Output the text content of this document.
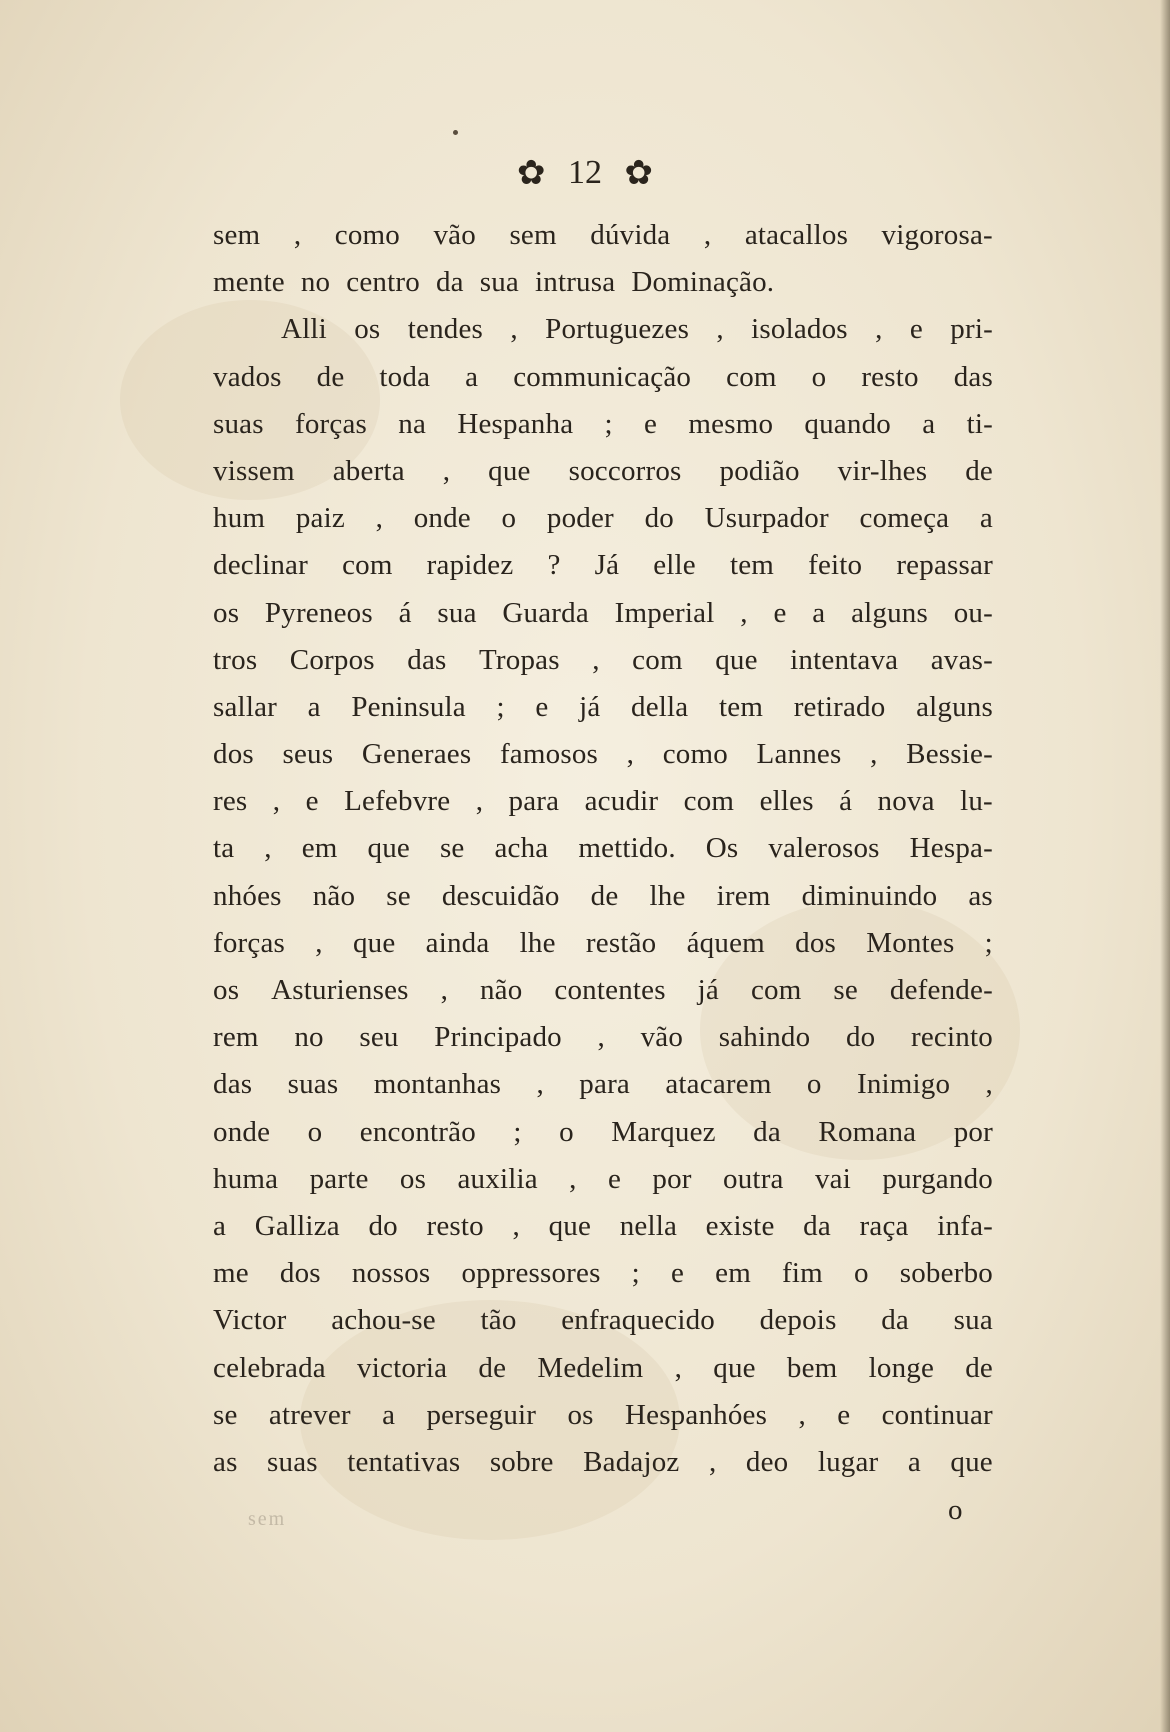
✿ 12 ✿
sem , como vão sem dúvida , atacallos vigorosa-
mente no centro da sua intrusa Dominação.
Alli os tendes , Portuguezes , isolados , e pri-
vados de toda a communicação com o resto das
suas forças na Hespanha ; e mesmo quando a ti-
vissem aberta , que soccorros podião vir-lhes de
hum paiz , onde o poder do Usurpador começa a
declinar com rapidez ? Já elle tem feito repassar
os Pyreneos á sua Guarda Imperial , e a alguns ou-
tros Corpos das Tropas , com que intentava avas-
sallar a Peninsula ; e já della tem retirado alguns
dos seus Generaes famosos , como Lannes , Bessie-
res , e Lefebvre , para acudir com elles á nova lu-
ta , em que se acha mettido. Os valerosos Hespa-
nhóes não se descuidão de lhe irem diminuindo as
forças , que ainda lhe restão áquem dos Montes ;
os Asturienses , não contentes já com se defende-
rem no seu Principado , vão sahindo do recinto
das suas montanhas , para atacarem o Inimigo ,
onde o encontrão ; o Marquez da Romana por
huma parte os auxilia , e por outra vai purgando
a Galliza do resto , que nella existe da raça infa-
me dos nossos oppressores ; e em fim o soberbo
Victor achou-se tão enfraquecido depois da sua
celebrada victoria de Medelim , que bem longe de
se atrever a perseguir os Hespanhóes , e continuar
as suas tentativas sobre Badajoz , deo lugar a que
sem	o
